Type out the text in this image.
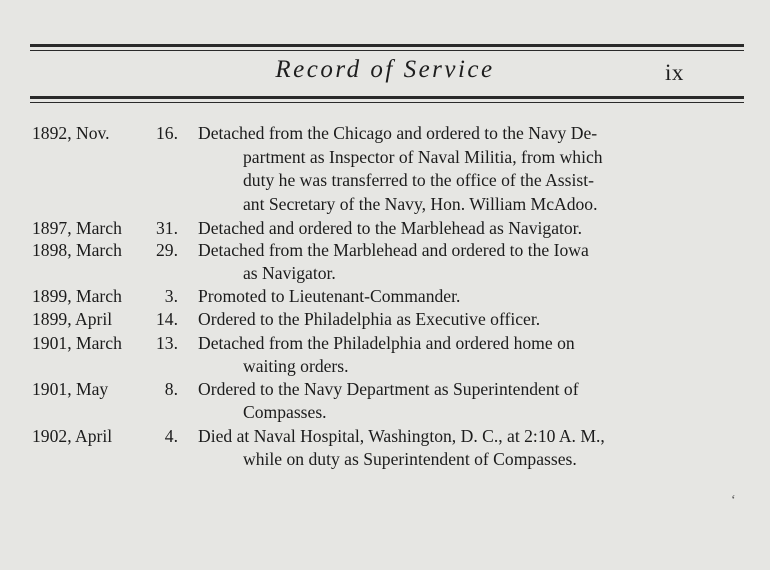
Record of Service	ix
1892, Nov.	16. Detached from the Chicago and ordered to the Navy De-
partment as Inspector of Naval Militia, from which
duty he was transferred to the office of the Assist-
ant Secretary of the Navy, Hon. William McAdoo.
1897, March	31. Detached and ordered to the Marblehead as Navigator.
1898, March	29. Detached from the Marblehead and ordered to the Iowa
as Navigator.
1899, March	3. Promoted to Lieutenant-Commander.
1899, April	14. Ordered to the Philadelphia as Executive officer.
1901, March	13. Detached from the Philadelphia and ordered home on
waiting orders.
1901, May	8. Ordered to the Navy Department as Superintendent of
Compasses.
1902, April	4. Died at Naval Hospital, Washington, D. C., at 2:10 A. M.,
while on duty as Superintendent of Compasses.
‘
